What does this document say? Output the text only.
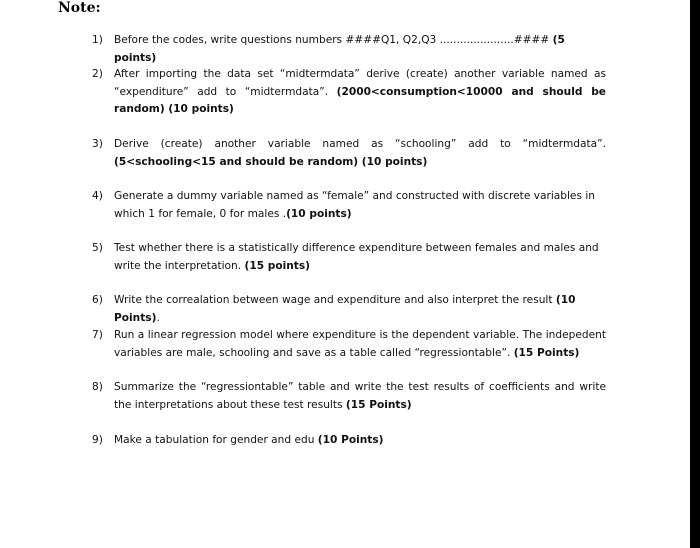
Note:
1) Before the codes, write questions numbers ####Q1, Q2,Q3 ......................#### (5 points)
2) After importing the data set “midtermdata” derive (create) another variable named as “expenditure” add to “midtermdata”. (2000<consumption<10000 and should be random) (10 points)
3) Derive (create) another variable named as “schooling” add to “midtermdata”. (5<schooling<15 and should be random) (10 points)
4) Generate a dummy variable named as “female” and constructed with discrete variables in which 1 for female, 0 for males .(10 points)
5) Test whether there is a statistically difference expenditure between females and males and write the interpretation. (15 points)
6) Write the correalation between wage and expenditure and also interpret the result (10 Points).
7) Run a linear regression model where expenditure is the dependent variable. The indepedent variables are male, schooling and save as a table called “regressiontable”. (15 Points)
8) Summarize the “regressiontable” table and write the test results of coefficients and write the interpretations about these test results (15 Points)
9) Make a tabulation for gender and edu (10 Points)
